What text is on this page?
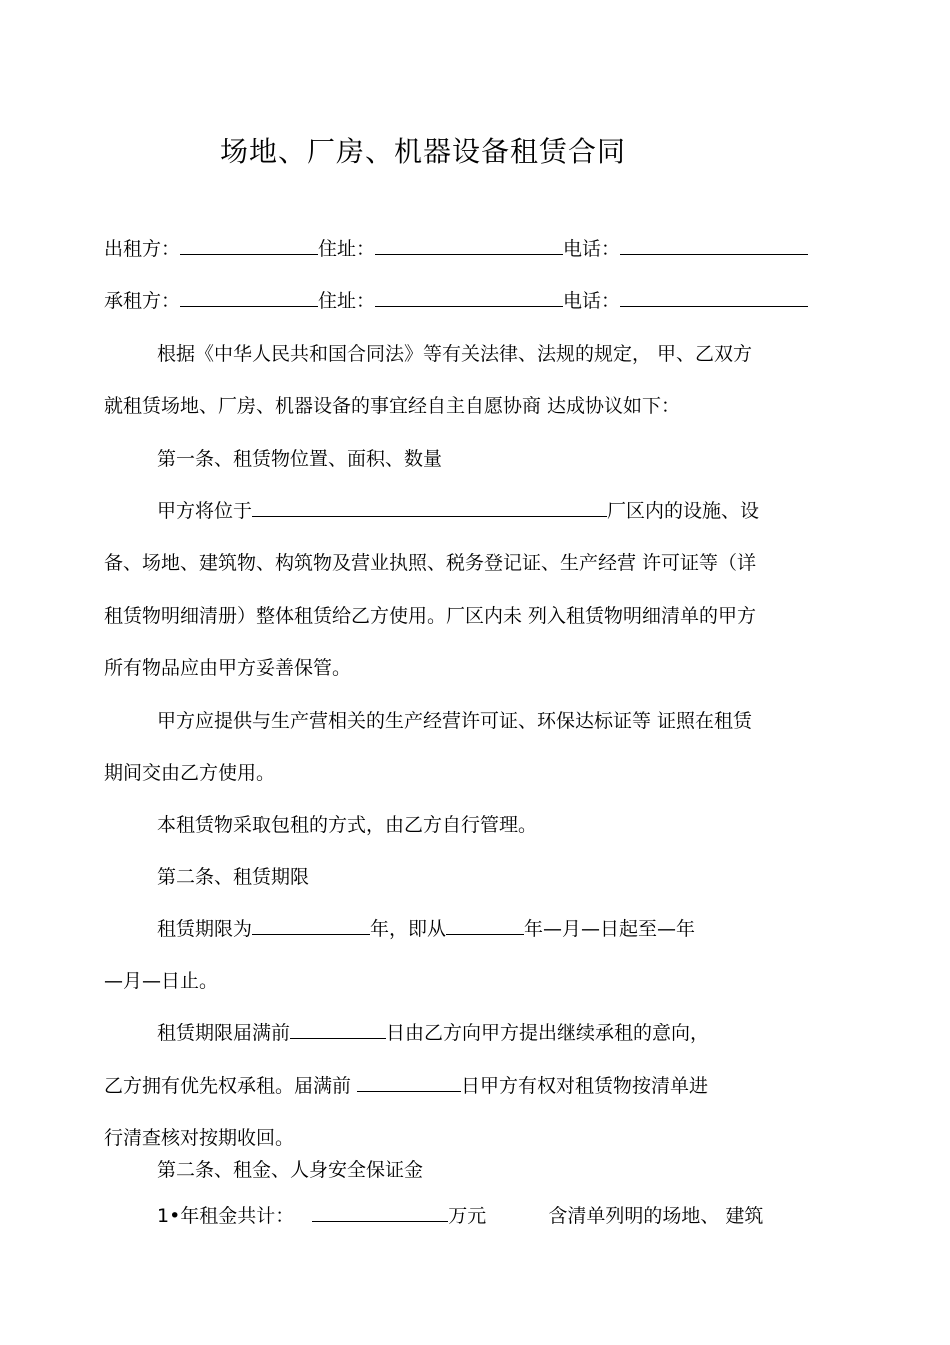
场地、厂房、机器设备租赁合同
出租方：	住址：	电话：
承租方：	住址：	电话：
根据《中华人民共和国合同法》等有关法律、法规的规定， 甲、乙双方
就租赁场地、厂房、机器设备的事宜经自主自愿协商 达成协议如下：
第一条、租赁物位置、面积、数量
甲方将位于	厂区内的设施、设
备、场地、建筑物、构筑物及营业执照、税务登记证、生产经营 许可证等（详
租赁物明细清册）整体租赁给乙方使用。厂区内未 列入租赁物明细清单的甲方
所有物品应由甲方妥善保管。
甲方应提供与生产营相关的生产经营许可证、环保达标证等 证照在租赁
期间交由乙方使用。
本租赁物采取包租的方式，由乙方自行管理。
第二条、租赁期限
租赁期限为	年，即从	年—月—日起至—年
—月—日止。
租赁期限届满前	日由乙方向甲方提出继续承租的意向，
乙方拥有优先权承租。届满前	日甲方有权对租赁物按清单进
行清查核对按期收回。
第二条、租金、人身安全保证金
1•年租金共计：	万元	含清单列明的场地、 建筑
